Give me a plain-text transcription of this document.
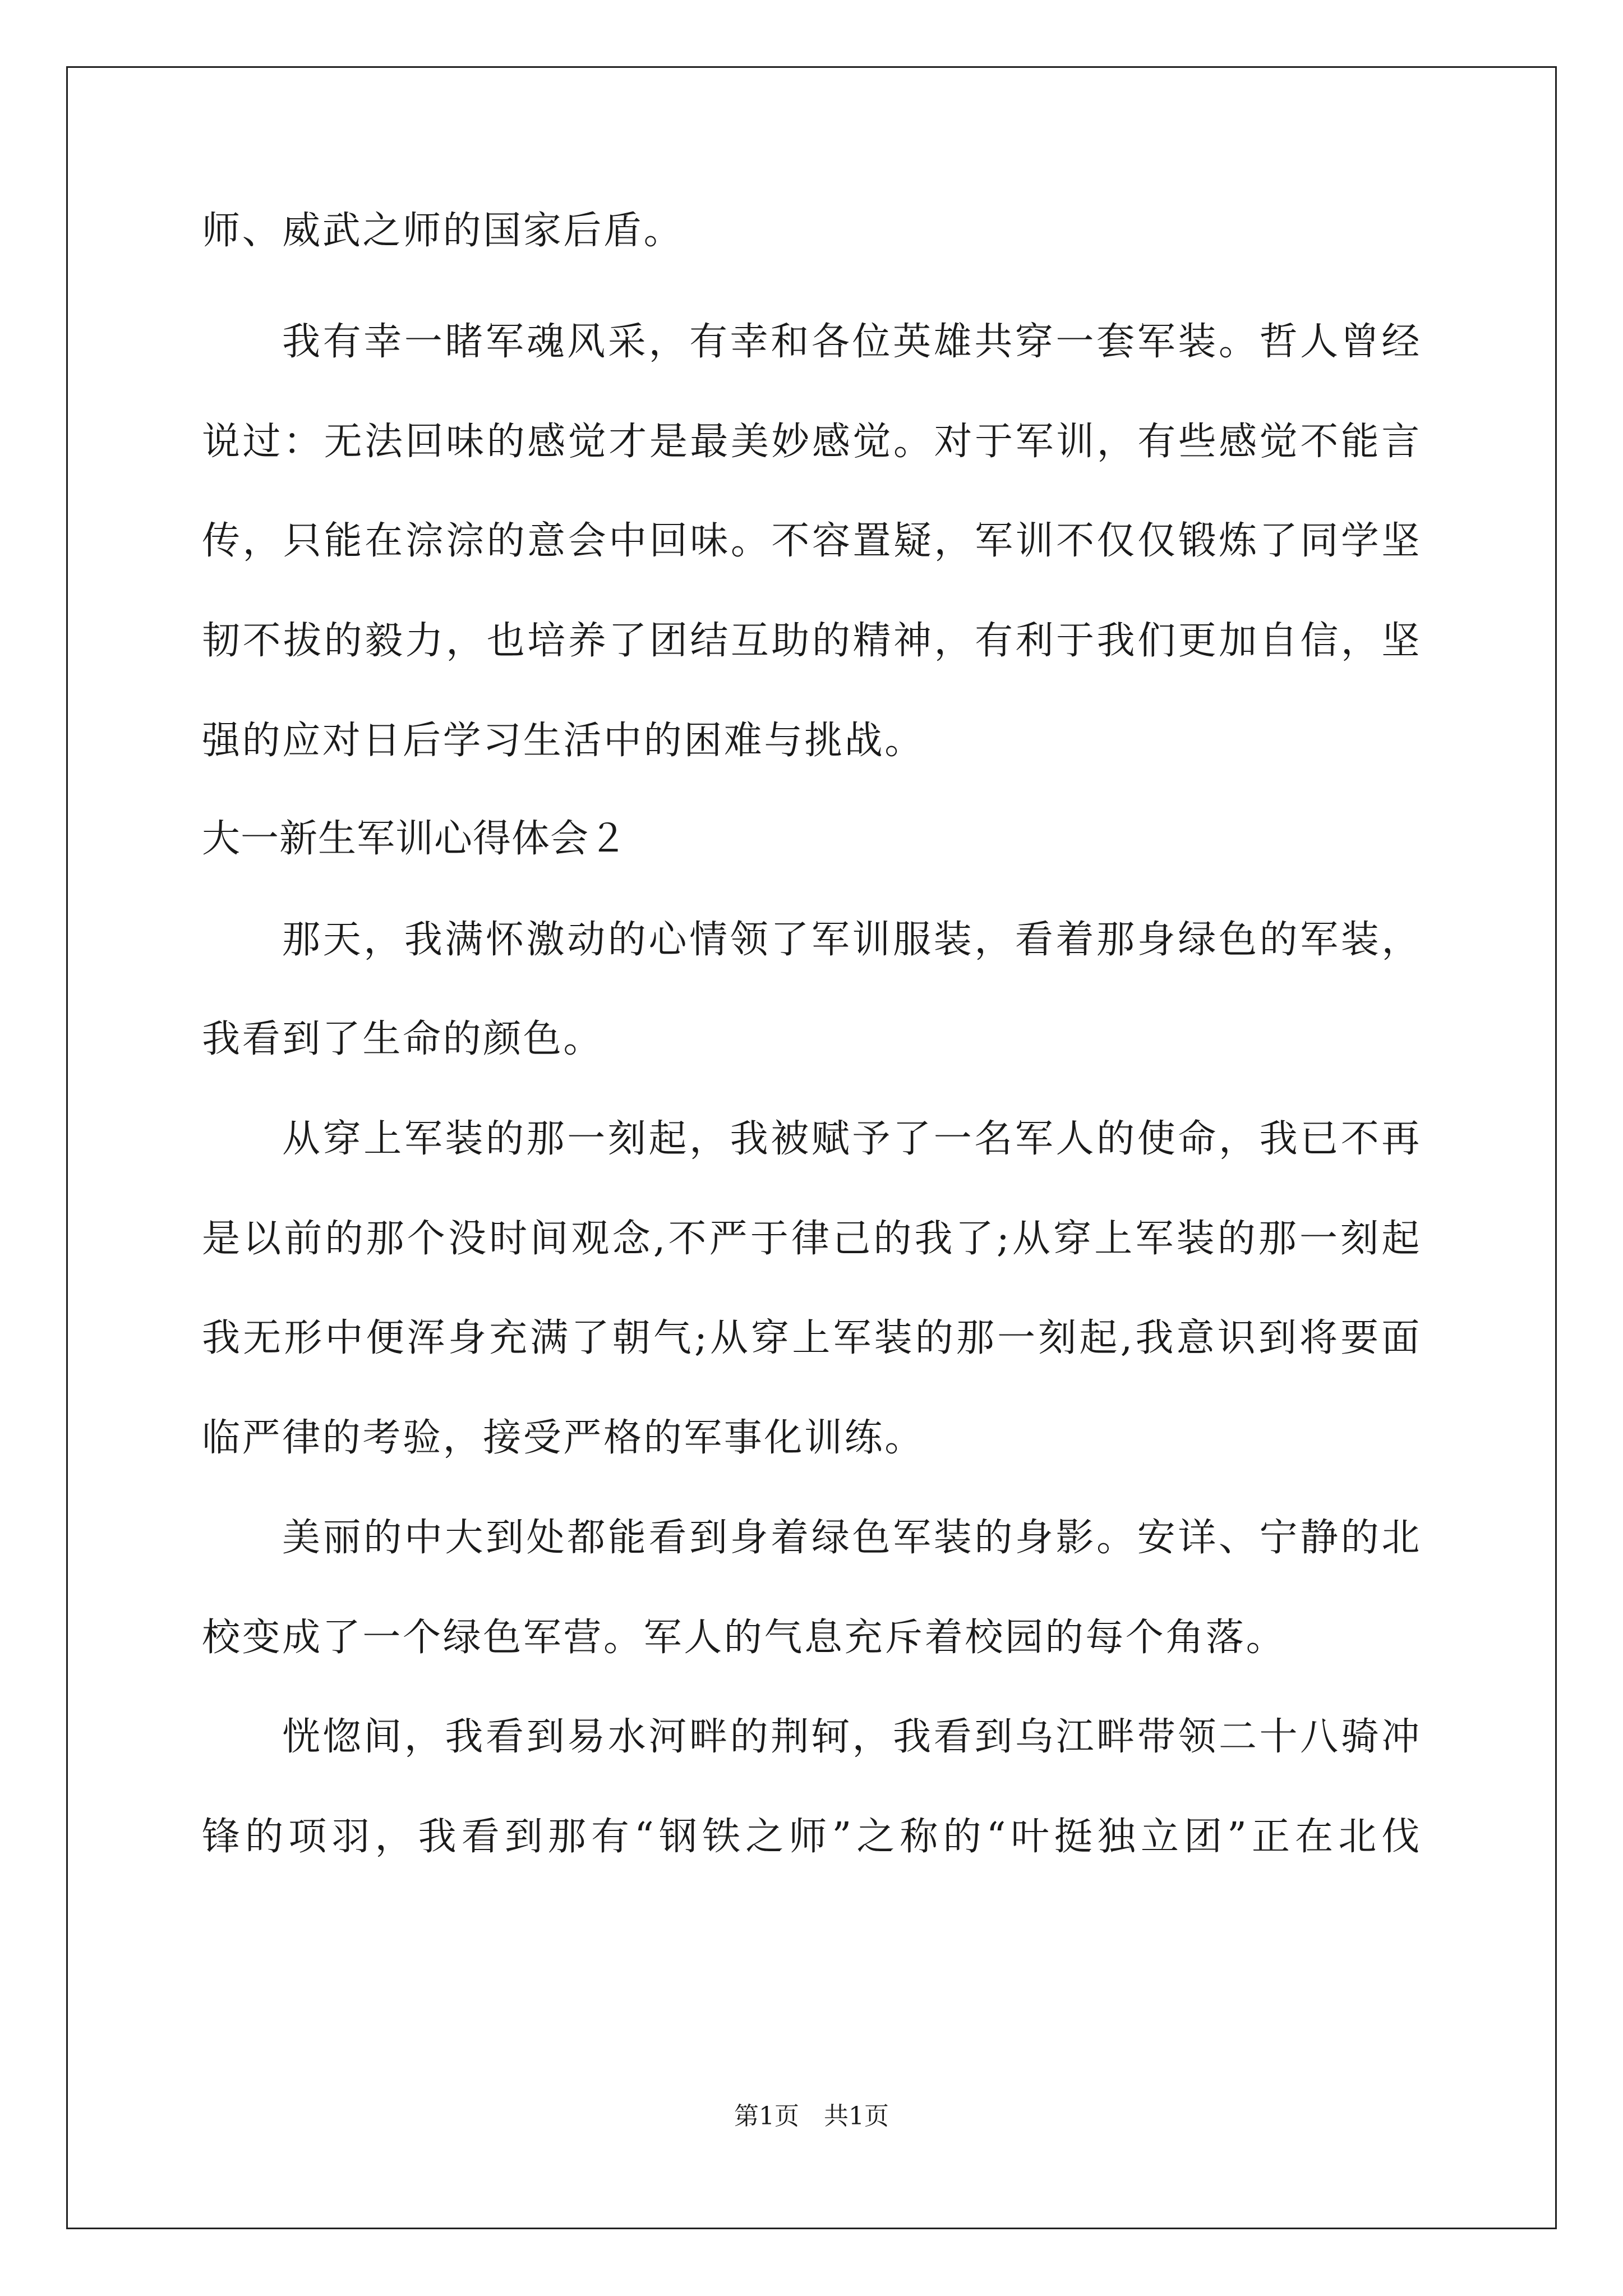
师、威武之师的国家后盾。
我有幸一睹军魂风采，有幸和各位英雄共穿一套军装。哲人曾经
说过：无法回味的感觉才是最美妙感觉。对于军训，有些感觉不能言
传，只能在淙淙的意会中回味。不容置疑，军训不仅仅锻炼了同学坚
韧不拔的毅力，也培养了团结互助的精神，有利于我们更加自信，坚
强的应对日后学习生活中的困难与挑战。
大一新生军训心得体会２
那天，我满怀激动的心情领了军训服装，看着那身绿色的军装，
我看到了生命的颜色。
从穿上军装的那一刻起，我被赋予了一名军人的使命，我已不再
是以前的那个没时间观念,不严于律己的我了;从穿上军装的那一刻起
我无形中便浑身充满了朝气;从穿上军装的那一刻起,我意识到将要面
临严律的考验，接受严格的军事化训练。
美丽的中大到处都能看到身着绿色军装的身影。安详、宁静的北
校变成了一个绿色军营。军人的气息充斥着校园的每个角落。
恍惚间，我看到易水河畔的荆轲，我看到乌江畔带领二十八骑冲
锋的项羽，我看到那有“钢铁之师”之称的“叶挺独立团”正在北伐
第1页　共1页
